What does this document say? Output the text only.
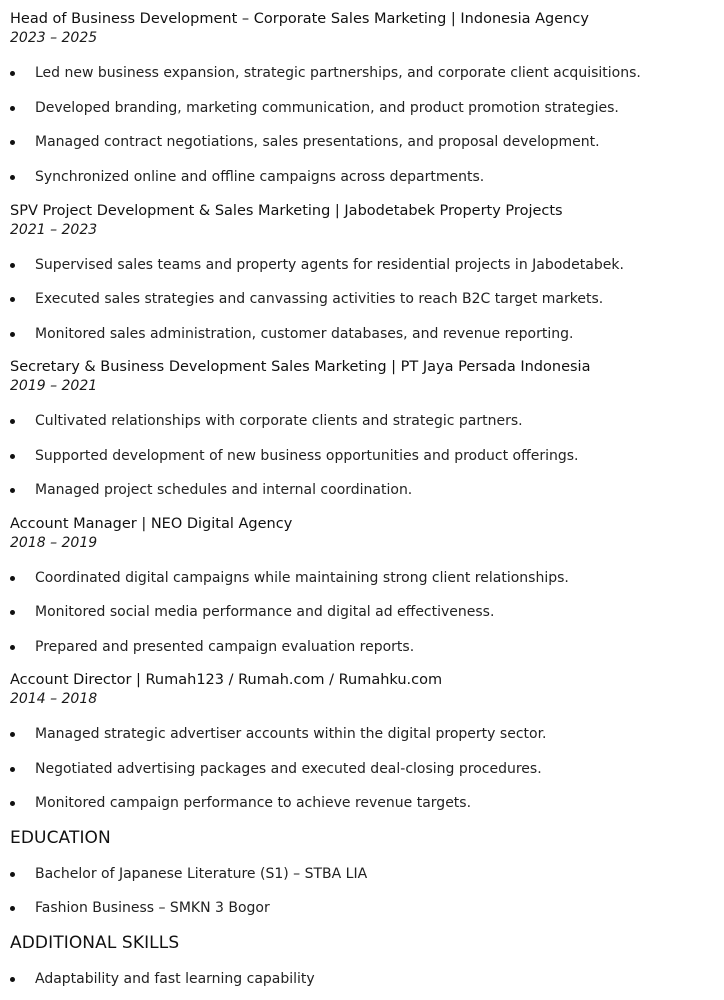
Head of Business Development – Corporate Sales Marketing | Indonesia Agency
2023 – 2025
Led new business expansion, strategic partnerships, and corporate client acquisitions.
Developed branding, marketing communication, and product promotion strategies.
Managed contract negotiations, sales presentations, and proposal development.
Synchronized online and offline campaigns across departments.
SPV Project Development & Sales Marketing | Jabodetabek Property Projects
2021 – 2023
Supervised sales teams and property agents for residential projects in Jabodetabek.
Executed sales strategies and canvassing activities to reach B2C target markets.
Monitored sales administration, customer databases, and revenue reporting.
Secretary & Business Development Sales Marketing | PT Jaya Persada Indonesia
2019 – 2021
Cultivated relationships with corporate clients and strategic partners.
Supported development of new business opportunities and product offerings.
Managed project schedules and internal coordination.
Account Manager | NEO Digital Agency
2018 – 2019
Coordinated digital campaigns while maintaining strong client relationships.
Monitored social media performance and digital ad effectiveness.
Prepared and presented campaign evaluation reports.
Account Director | Rumah123 / Rumah.com / Rumahku.com
2014 – 2018
Managed strategic advertiser accounts within the digital property sector.
Negotiated advertising packages and executed deal-closing procedures.
Monitored campaign performance to achieve revenue targets.
EDUCATION
Bachelor of Japanese Literature (S1) – STBA LIA
Fashion Business – SMKN 3 Bogor
ADDITIONAL SKILLS
Adaptability and fast learning capability
